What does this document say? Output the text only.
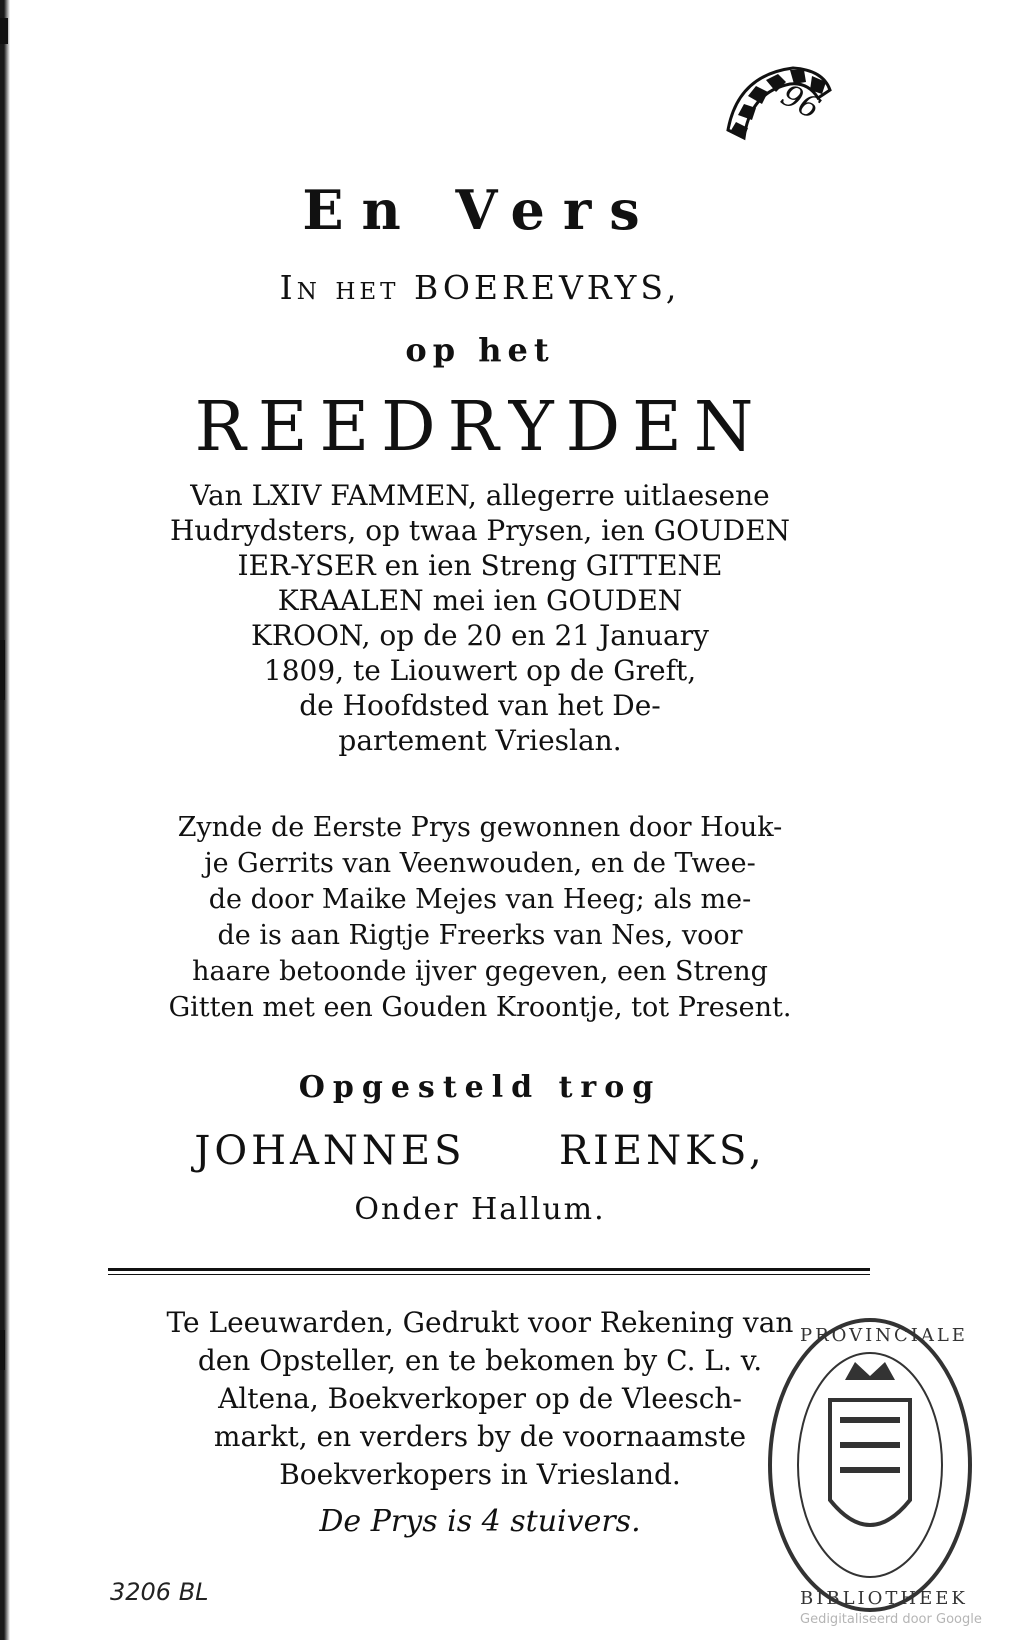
96
En Vers
In het BOEREVRYS,
op het
REEDRYDEN
Van LXIV FAMMEN, allegerre uitlaesene
Hudrydsters, op twaa Prysen, ien GOUDEN
IER-YSER en ien Streng GITTENE
KRAALEN mei ien GOUDEN
KROON, op de 20 en 21 January
1809, te Liouwert op de Greft,
de Hoofdsted van het De-
partement Vrieslan.
Zynde de Eerste Prys gewonnen door Houk-
je Gerrits van Veenwouden, en de Twee-
de door Maike Mejes van Heeg; als me-
de is aan Rigtje Freerks van Nes, voor
haare betoonde ijver gegeven, een Streng
Gitten met een Gouden Kroontje, tot Present.
Opgesteld trog
JOHANNES RIENKS,
Onder Hallum.
Te Leeuwarden, Gedrukt voor Rekening van
den Opsteller, en te bekomen by C. L. v.
Altena, Boekverkoper op de Vleesch-
markt, en verders by de voornaamste
Boekverkopers in Vriesland.
De Prys is 4 stuivers.
PROVINCIALE
BIBLIOTHEEK
3206 BL
Gedigitaliseerd door Google
